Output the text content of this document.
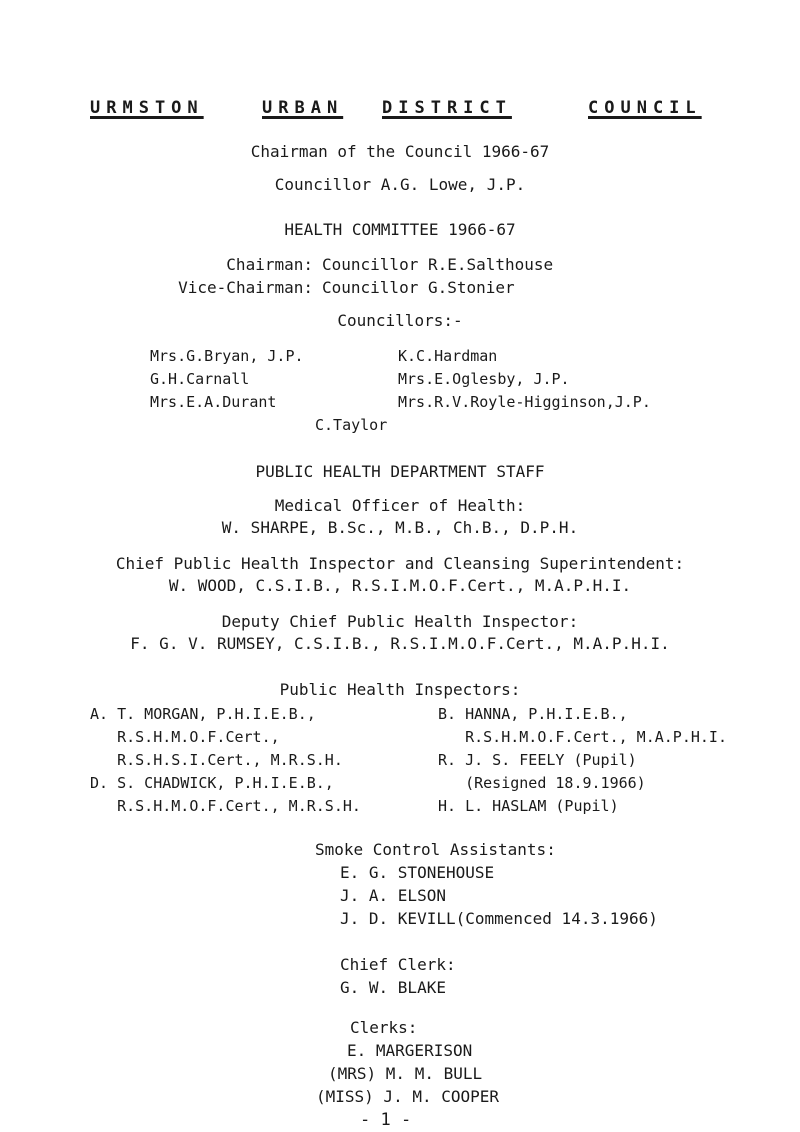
URMSTON	URBAN DISTRICT	COUNCIL
Chairman of the Council 1966-67
Councillor A.G. Lowe, J.P.
HEALTH COMMITTEE 1966-67
Chairman: Councillor R.E.Salthouse
Vice-Chairman: Councillor G.Stonier
Councillors:-
Mrs.G.Bryan, J.P.
G.H.Carnall
Mrs.E.A.Durant
K.C.Hardman
Mrs.E.Oglesby, J.P.
Mrs.R.V.Royle-Higginson,J.P.
C.Taylor
PUBLIC HEALTH DEPARTMENT STAFF
Medical Officer of Health:
W. SHARPE, B.Sc., M.B., Ch.B., D.P.H.
Chief Public Health Inspector and Cleansing Superintendent:
W. WOOD, C.S.I.B., R.S.I.M.O.F.Cert., M.A.P.H.I.
Deputy Chief Public Health Inspector:
F. G. V. RUMSEY, C.S.I.B., R.S.I.M.O.F.Cert., M.A.P.H.I.
Public Health Inspectors:
A. T. MORGAN, P.H.I.E.B.,
R.S.H.M.O.F.Cert.,
R.S.H.S.I.Cert., M.R.S.H.
D. S. CHADWICK, P.H.I.E.B.,
R.S.H.M.O.F.Cert., M.R.S.H.
B. HANNA, P.H.I.E.B.,
R.S.H.M.O.F.Cert., M.A.P.H.I.
R. J. S. FEELY (Pupil)
(Resigned 18.9.1966)
H. L. HASLAM (Pupil)
Smoke Control Assistants:
E. G. STONEHOUSE
J. A. ELSON
J. D. KEVILL(Commenced 14.3.1966)
Chief Clerk:
G. W. BLAKE
Clerks:
E. MARGERISON
(MRS) M. M. BULL
(MISS) J. M. COOPER
- 1 -
